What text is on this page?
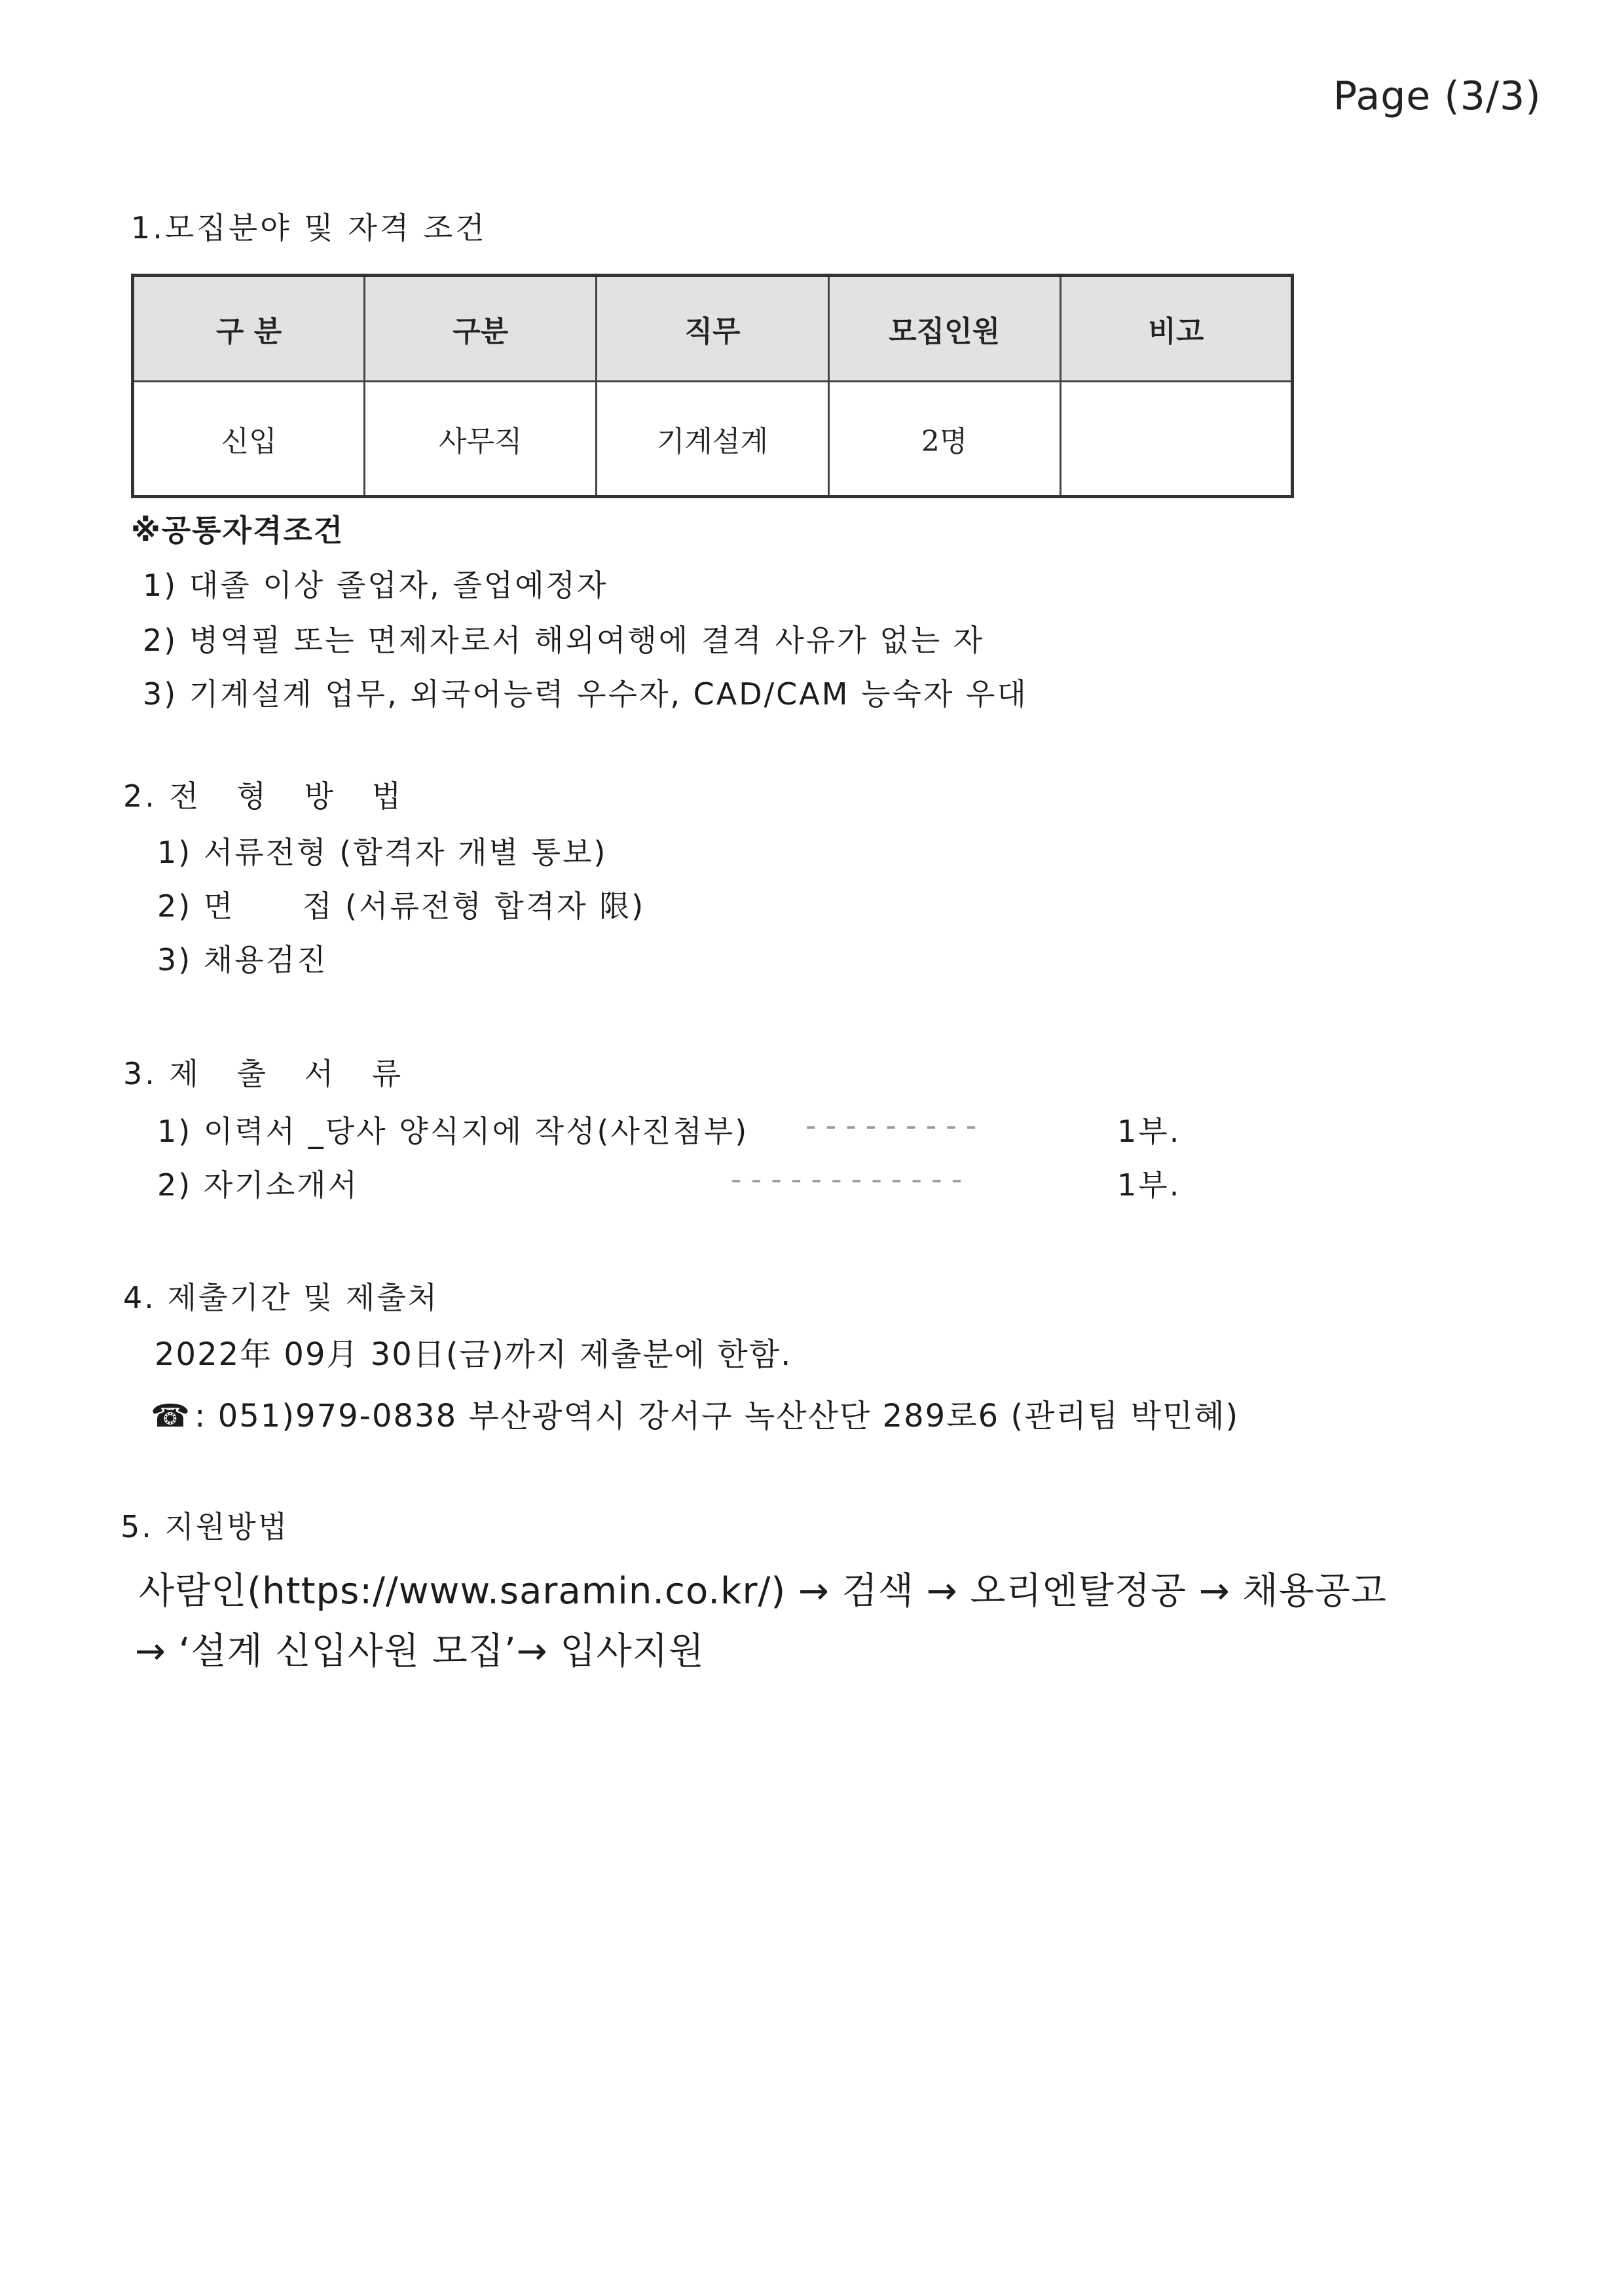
Page (3/3)
1.모집분야 및 자격 조건
구 분	구분	직무	모집인원	비고
신입	사무직	기계설계	2명	
※공통자격조건
1) 대졸 이상 졸업자, 졸업예정자
2) 병역필 또는 면제자로서 해외여행에 결격 사유가 없는 자
3) 기계설계 업무, 외국어능력 우수자, CAD/CAM 능숙자 우대
2. 전 형 방 법
1) 서류전형 (합격자 개별 통보)
2) 면 접 (서류전형 합격자 限)
3) 채용검진
3. 제 출 서 류
1) 이력서 _당사 양식지에 작성(사진첨부) ---------	1부.
2) 자기소개서	------------	1부.
4. 제출기간 및 제출처
2022年 09月 30日(금)까지 제출분에 한함.
☎ : 051)979-0838 부산광역시 강서구 녹산산단 289로6 (관리팀 박민혜)
5. 지원방법
사람인(https://www.saramin.co.kr/) → 검색 → 오리엔탈정공 → 채용공고
→ ‘설계 신입사원 모집’→ 입사지원
